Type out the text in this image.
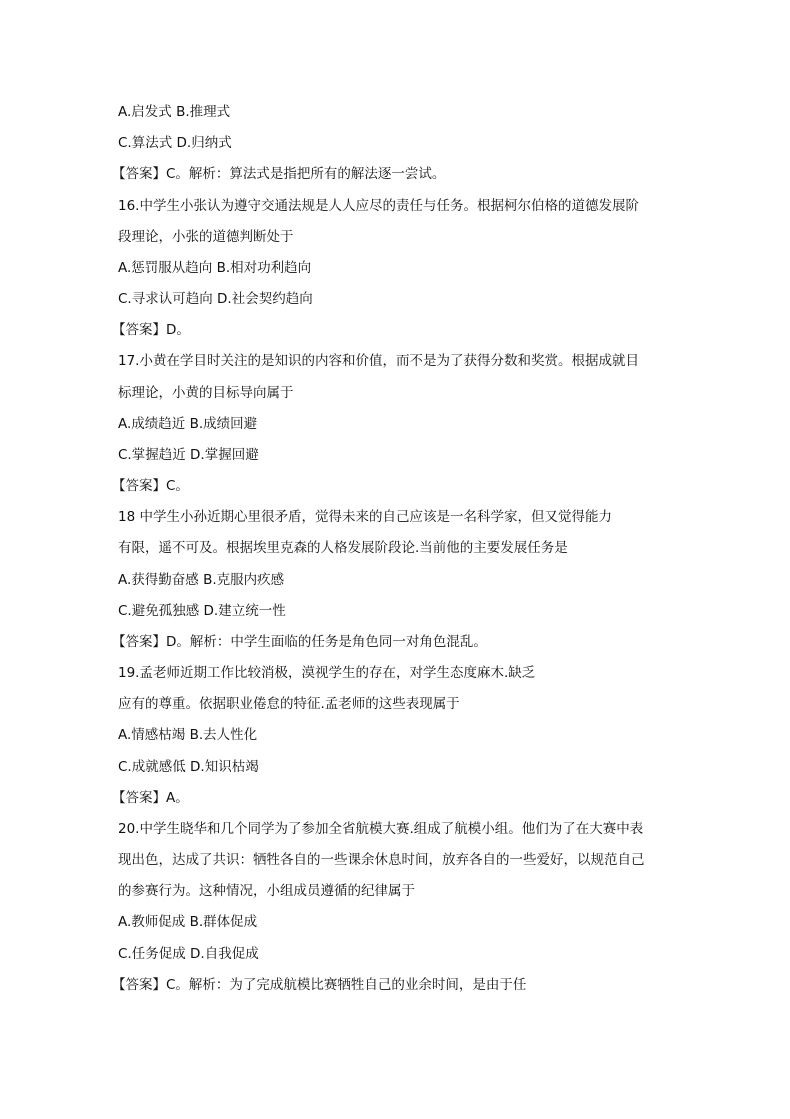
A.启发式 B.推理式
C.算法式 D.归纳式
【答案】C。解析：算法式是指把所有的解法逐一尝试。
16.中学生小张认为遵守交通法规是人人应尽的责任与任务。根据柯尔伯格的道德发展阶
段理论，小张的道德判断处于
A.惩罚服从趋向 B.相对功利趋向
C.寻求认可趋向 D.社会契约趋向
【答案】D。
17.小黄在学目时关注的是知识的内容和价值，而不是为了获得分数和奖赏。根据成就目
标理论，小黄的目标导向属于
A.成绩趋近 B.成绩回避
C.掌握趋近 D.掌握回避
【答案】C。
18 中学生小孙近期心里很矛盾，觉得未来的自己应该是一名科学家，但又觉得能力
有限，遥不可及。根据埃里克森的人格发展阶段论.当前他的主要发展任务是
A.获得勤奋感 B.克服内疚感
C.避免孤独感 D.建立统一性
【答案】D。解析：中学生面临的任务是角色同一对角色混乱。
19.孟老师近期工作比较消极，漠视学生的存在，对学生态度麻木.缺乏
应有的尊重。依据职业倦怠的特征.孟老师的这些表现属于
A.情感枯竭 B.去人性化
C.成就感低 D.知识枯竭
【答案】A。
20.中学生晓华和几个同学为了参加全省航模大赛.组成了航模小组。他们为了在大赛中表
现出色，达成了共识：牺牲各自的一些课余休息时间，放弃各自的一些爱好，以规范自己
的参赛行为。这种情况，小组成员遵循的纪律属于
A.教师促成 B.群体促成
C.任务促成 D.自我促成
【答案】C。解析：为了完成航模比赛牺牲自己的业余时间，是由于任
